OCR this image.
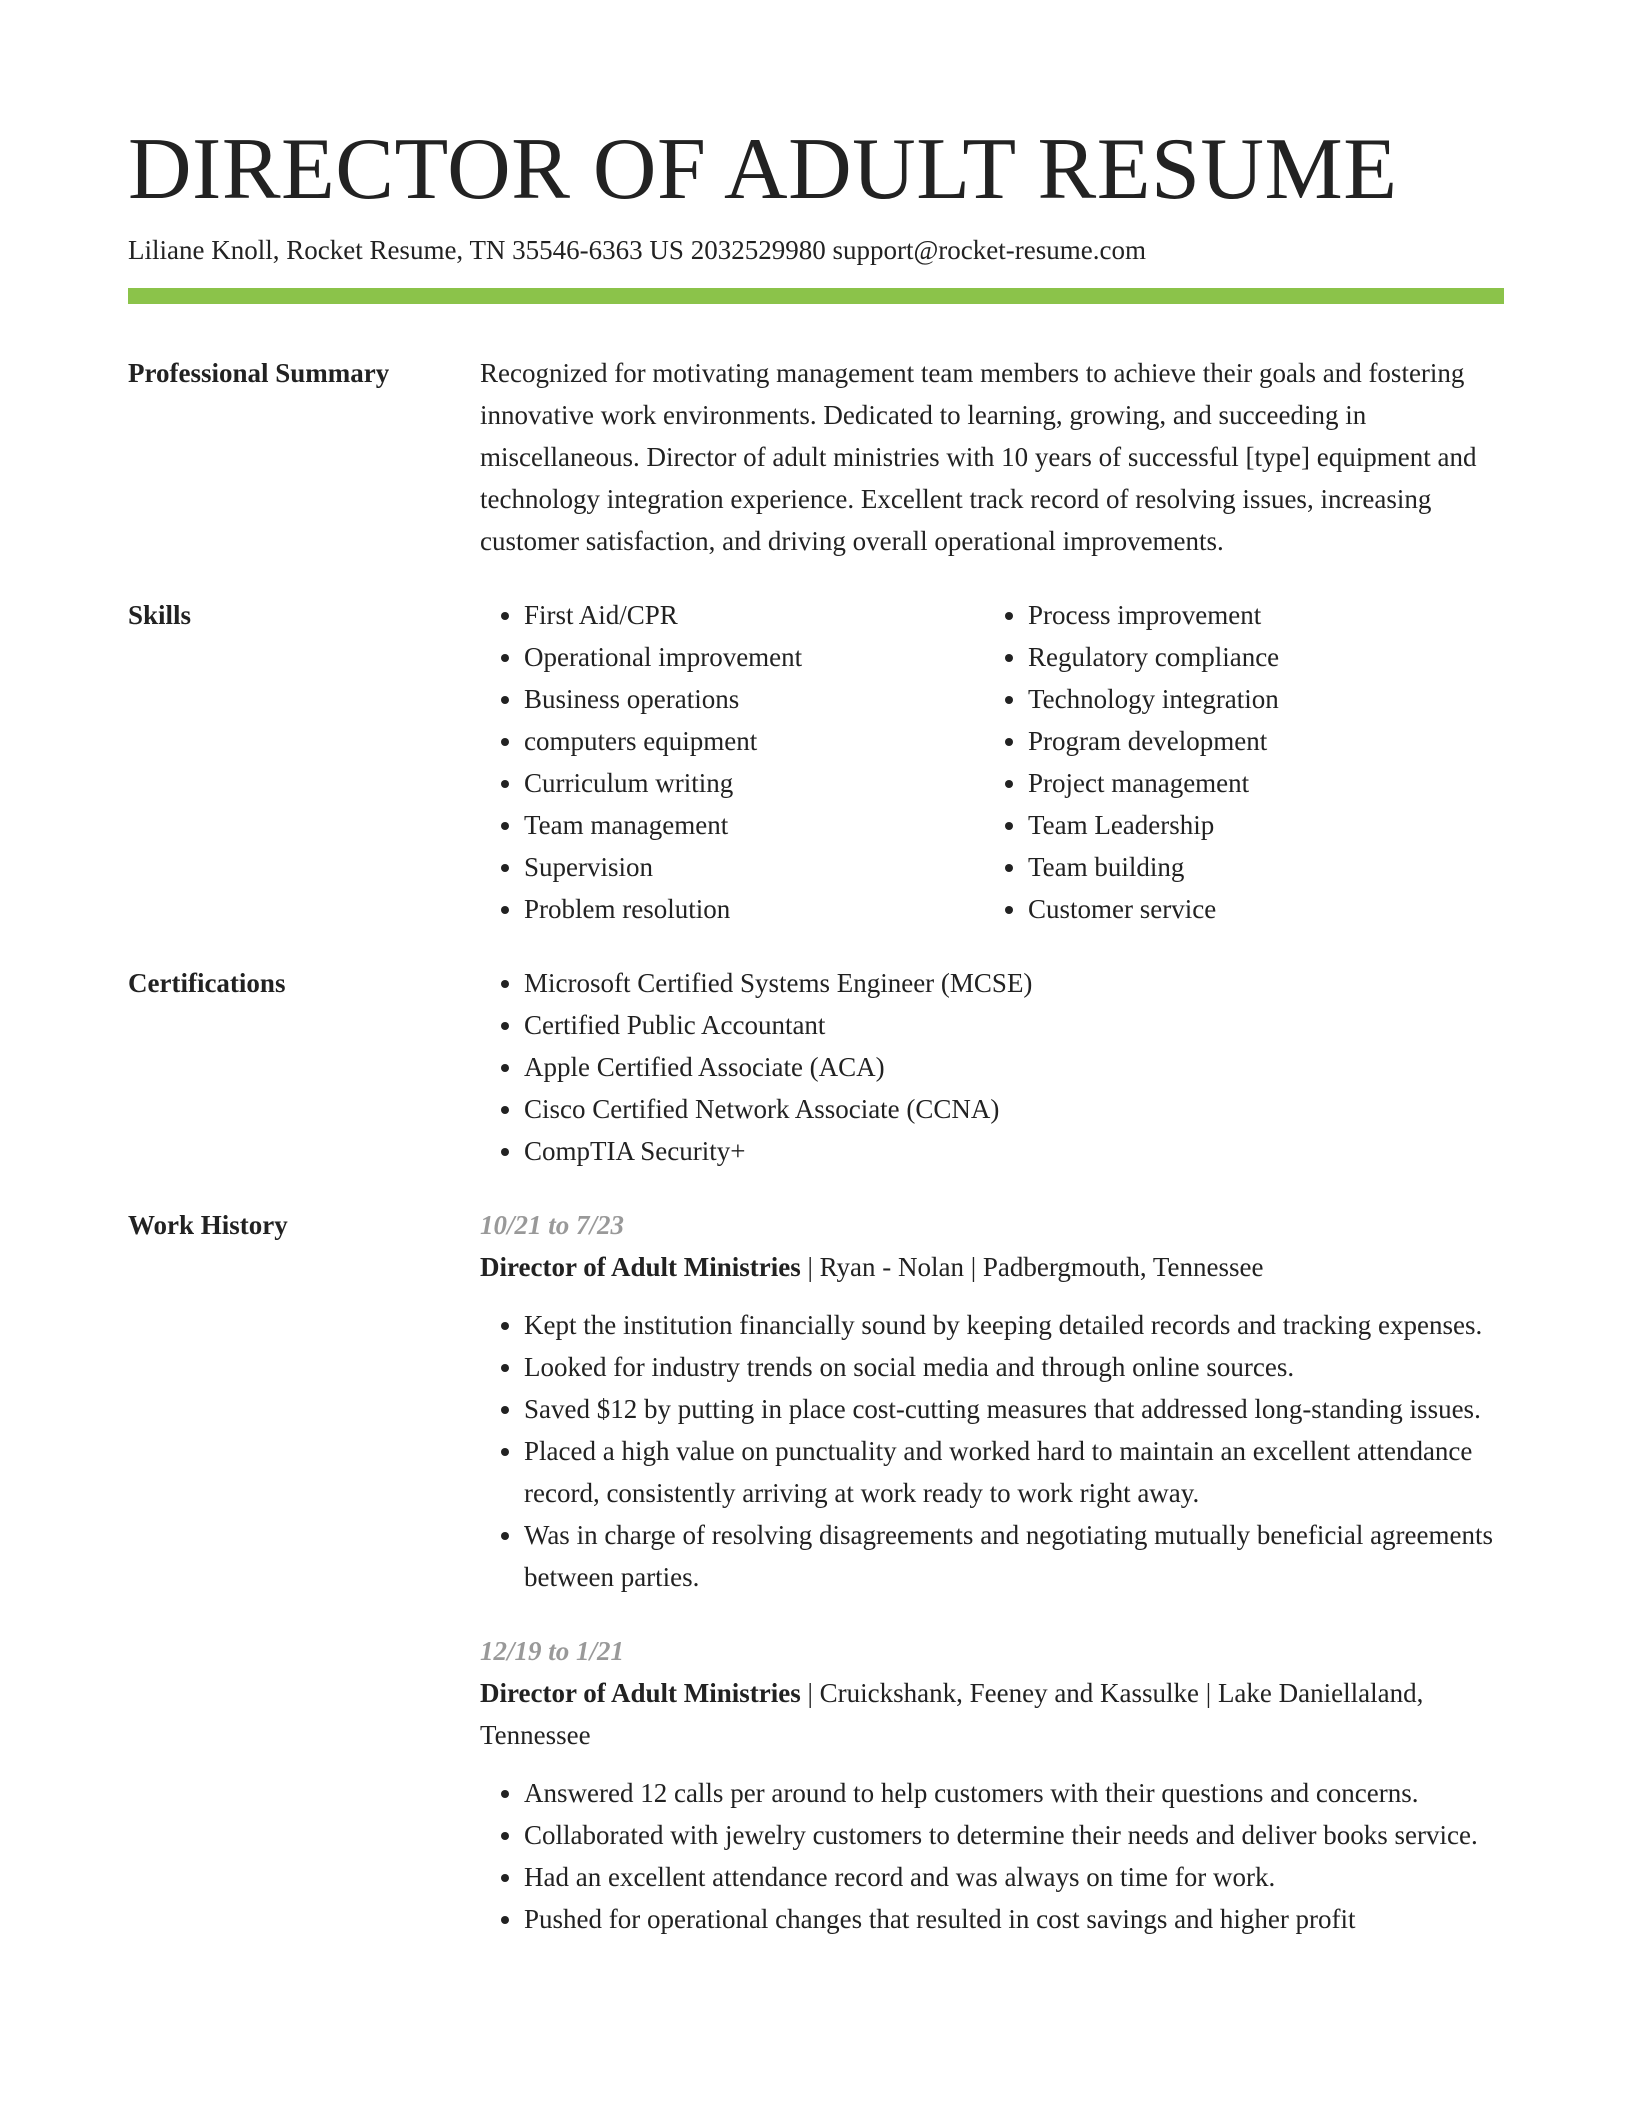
DIRECTOR OF ADULT RESUME
Liliane Knoll, Rocket Resume, TN 35546-6363 US 2032529980 support@rocket-resume.com
Professional Summary	Recognized for motivating management team members to achieve their goals and fostering innovative work environments. Dedicated to learning, growing, and succeeding in miscellaneous. Director of adult ministries with 10 years of successful [type] equipment and technology integration experience. Excellent track record of resolving issues, increasing customer satisfaction, and driving overall operational improvements.

Skills	• First Aid/CPR
• Operational improvement
• Business operations
• computers equipment
• Curriculum writing
• Team management
• Supervision
• Problem resolution
• Process improvement
• Regulatory compliance
• Technology integration
• Program development
• Project management
• Team Leadership
• Team building
• Customer service
Certifications	• Microsoft Certified Systems Engineer (MCSE)
• Certified Public Accountant
• Apple Certified Associate (ACA)
• Cisco Certified Network Associate (CCNA)
• CompTIA Security+
Work History	10/21 to 7/23
Director of Adult Ministries | Ryan - Nolan | Padbergmouth, Tennessee
• Kept the institution financially sound by keeping detailed records and tracking expenses.
• Looked for industry trends on social media and through online sources.
• Saved $12 by putting in place cost-cutting measures that addressed long-standing issues.
• Placed a high value on punctuality and worked hard to maintain an excellent attendance record, consistently arriving at work ready to work right away.
• Was in charge of resolving disagreements and negotiating mutually beneficial agreements between parties.
12/19 to 1/21
Director of Adult Ministries | Cruickshank, Feeney and Kassulke | Lake Daniellaland, Tennessee
• Answered 12 calls per around to help customers with their questions and concerns.
• Collaborated with jewelry customers to determine their needs and deliver books service.
• Had an excellent attendance record and was always on time for work.
• Pushed for operational changes that resulted in cost savings and higher profit
